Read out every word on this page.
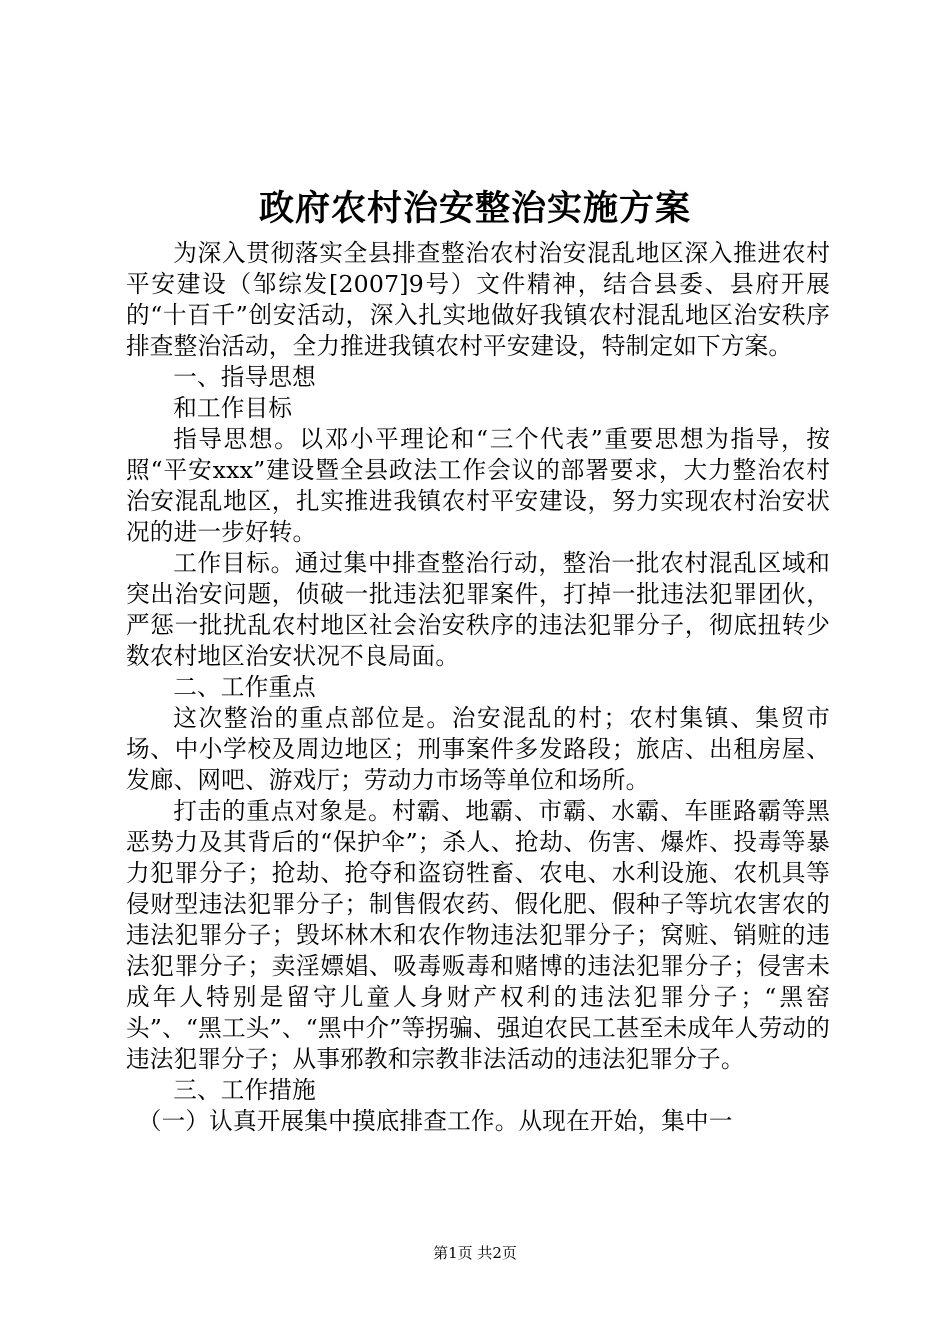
政府农村治安整治实施方案

为深入贯彻落实全县排查整治农村治安混乱地区深入推进农村平安建设（邹综发[2007]9号）文件精神，结合县委、县府开展的“十百千”创安活动，深入扎实地做好我镇农村混乱地区治安秩序排查整治活动，全力推进我镇农村平安建设，特制定如下方案。

一、指导思想

和工作目标

指导思想。以邓小平理论和“三个代表”重要思想为指导，按照“平安xxx”建设暨全县政法工作会议的部署要求，大力整治农村治安混乱地区，扎实推进我镇农村平安建设，努力实现农村治安状况的进一步好转。

工作目标。通过集中排查整治行动，整治一批农村混乱区域和突出治安问题，侦破一批违法犯罪案件，打掉一批违法犯罪团伙，严惩一批扰乱农村地区社会治安秩序的违法犯罪分子，彻底扭转少数农村地区治安状况不良局面。

二、工作重点

这次整治的重点部位是。治安混乱的村；农村集镇、集贸市场、中小学校及周边地区；刑事案件多发路段；旅店、出租房屋、发廊、网吧、游戏厅；劳动力市场等单位和场所。

打击的重点对象是。村霸、地霸、市霸、水霸、车匪路霸等黑恶势力及其背后的“保护伞”；杀人、抢劫、伤害、爆炸、投毒等暴力犯罪分子；抢劫、抢夺和盗窃牲畜、农电、水利设施、农机具等侵财型违法犯罪分子；制售假农药、假化肥、假种子等坑农害农的违法犯罪分子；毁坏林木和农作物违法犯罪分子；窝赃、销赃的违法犯罪分子；卖淫嫖娼、吸毒贩毒和赌博的违法犯罪分子；侵害未成年人特别是留守儿童人身财产权利的违法犯罪分子；“黑窑头”、“黑工头”、“黑中介”等拐骗、强迫农民工甚至未成年人劳动的违法犯罪分子；从事邪教和宗教非法活动的违法犯罪分子。

三、工作措施

（一）认真开展集中摸底排查工作。从现在开始，集中一

第1页 共2页
